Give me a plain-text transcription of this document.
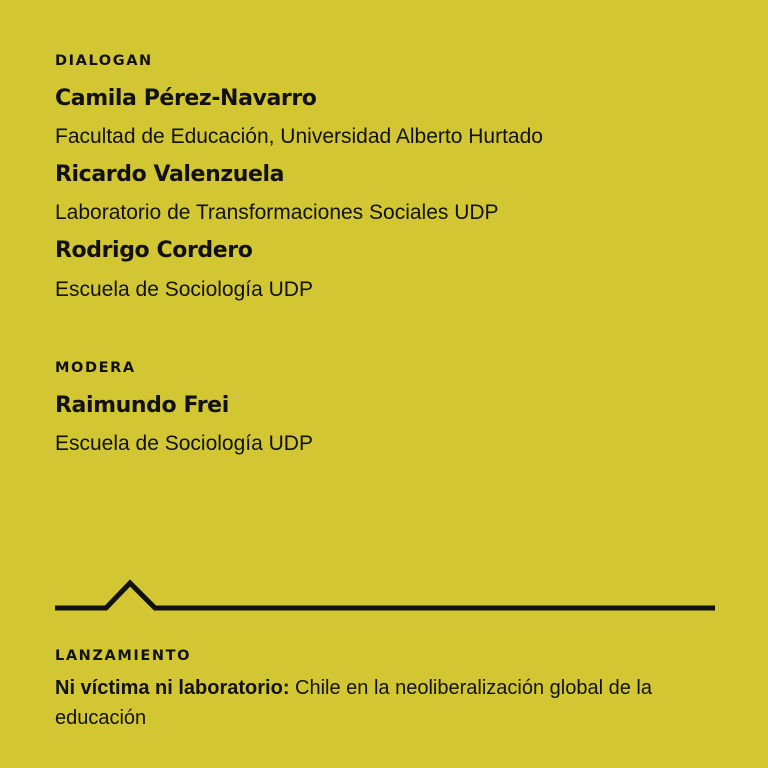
DIALOGAN
Camila Pérez-Navarro
Facultad de Educación, Universidad Alberto Hurtado
Ricardo Valenzuela
Laboratorio de Transformaciones Sociales UDP
Rodrigo Cordero
Escuela de Sociología UDP
MODERA
Raimundo Frei
Escuela de Sociología UDP
LANZAMIENTO
Ni víctima ni laboratorio: Chile en la neoliberalización global de la educación
